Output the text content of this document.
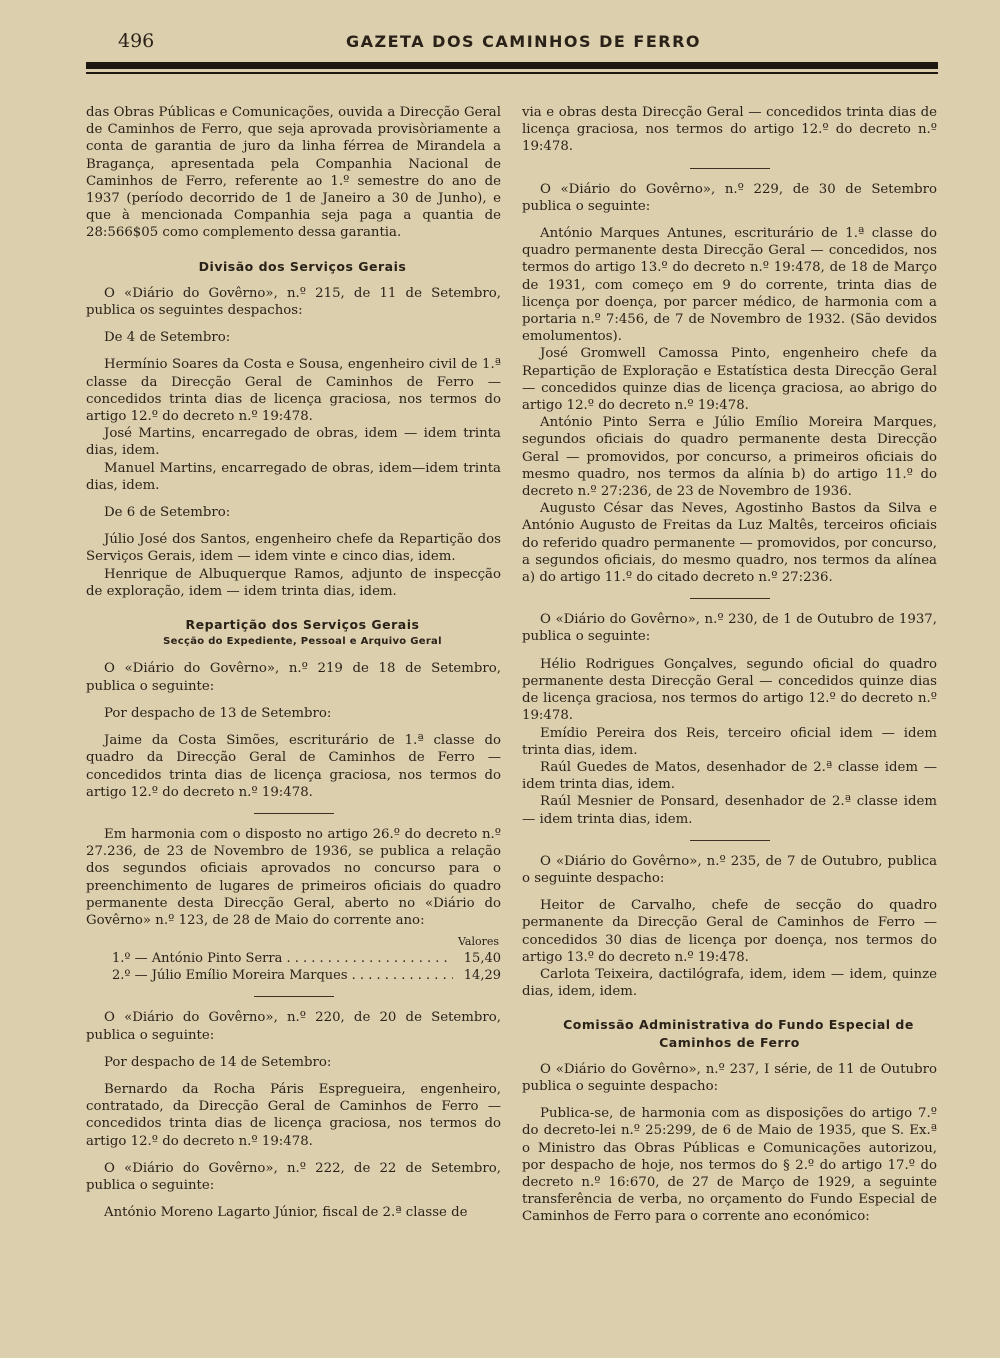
496	GAZETA DOS CAMINHOS DE FERRO

das Obras Públicas e Comunicações, ouvida a Direcção Geral de Caminhos de Ferro, que seja aprovada provisòriamente a conta de garantia de juro da linha férrea de Mirandela a Bragança, apresentada pela Companhia Nacional de Caminhos de Ferro, referente ao 1.º semestre do ano de 1937 (período decorrido de 1 de Janeiro a 30 de Junho), e que à mencionada Companhia seja paga a quantia de 28:566$05 como complemento dessa garantia.

Divisão dos Serviços Gerais

O «Diário do Govêrno», n.º 215, de 11 de Setembro, publica os seguintes despachos:

De 4 de Setembro:

Hermínio Soares da Costa e Sousa, engenheiro civil de 1.ª classe da Direcção Geral de Caminhos de Ferro — concedidos trinta dias de licença graciosa, nos termos do artigo 12.º do decreto n.º 19:478.

José Martins, encarregado de obras, idem — idem trinta dias, idem.

Manuel Martins, encarregado de obras, idem—idem trinta dias, idem.

De 6 de Setembro:

Júlio José dos Santos, engenheiro chefe da Repartição dos Serviços Gerais, idem — idem vinte e cinco dias, idem.

Henrique de Albuquerque Ramos, adjunto de inspecção de exploração, idem — idem trinta dias, idem.

Repartição dos Serviços Gerais

Secção do Expediente, Pessoal e Arquivo Geral

O «Diário do Govêrno», n.º 219 de 18 de Setembro, publica o seguinte:

Por despacho de 13 de Setembro:

Jaime da Costa Simões, escriturário de 1.ª classe do quadro da Direcção Geral de Caminhos de Ferro — concedidos trinta dias de licença graciosa, nos termos do artigo 12.º do decreto n.º 19:478.

Em harmonia com o disposto no artigo 26.º do decreto n.º 27.236, de 23 de Novembro de 1936, se publica a relação dos segundos oficiais aprovados no concurso para o preenchimento de lugares de primeiros oficiais do quadro permanente desta Direcção Geral, aberto no «Diário do Govêrno» n.º 123, de 28 de Maio do corrente ano:

Valores
1.º — António Pinto Serra . . .	15,40
2.º — Júlio Emílio Moreira Marques . . .	14,29

O «Diário do Govêrno», n.º 220, de 20 de Setembro, publica o seguinte:

Por despacho de 14 de Setembro:

Bernardo da Rocha Páris Espregueira, engenheiro, contratado, da Direcção Geral de Caminhos de Ferro — concedidos trinta dias de licença graciosa, nos termos do artigo 12.º do decreto n.º 19:478.

O «Diário do Govêrno», n.º 222, de 22 de Setembro, publica o seguinte:

António Moreno Lagarto Júnior, fiscal de 2.ª classe de

via e obras desta Direcção Geral — concedidos trinta dias de licença graciosa, nos termos do artigo 12.º do decreto n.º 19:478.

O «Diário do Govêrno», n.º 229, de 30 de Setembro publica o seguinte:

António Marques Antunes, escriturário de 1.ª classe do quadro permanente desta Direcção Geral — concedidos, nos termos do artigo 13.º do decreto n.º 19:478, de 18 de Março de 1931, com começo em 9 do corrente, trinta dias de licença por doença, por parcer médico, de harmonia com a portaria n.º 7:456, de 7 de Novembro de 1932. (São devidos emolumentos).

José Gromwell Camossa Pinto, engenheiro chefe da Repartição de Exploração e Estatística desta Direcção Geral — concedidos quinze dias de licença graciosa, ao abrigo do artigo 12.º do decreto n.º 19:478.

António Pinto Serra e Júlio Emílio Moreira Marques, segundos oficiais do quadro permanente desta Direcção Geral — promovidos, por concurso, a primeiros oficiais do mesmo quadro, nos termos da alínia b) do artigo 11.º do decreto n.º 27:236, de 23 de Novembro de 1936.

Augusto César das Neves, Agostinho Bastos da Silva e António Augusto de Freitas da Luz Maltês, terceiros oficiais do referido quadro permanente — promovidos, por concurso, a segundos oficiais, do mesmo quadro, nos termos da alínea a) do artigo 11.º do citado decreto n.º 27:236.

O «Diário do Govêrno», n.º 230, de 1 de Outubro de 1937, publica o seguinte:

Hélio Rodrigues Gonçalves, segundo oficial do quadro permanente desta Direcção Geral — concedidos quinze dias de licença graciosa, nos termos do artigo 12.º do decreto n.º 19:478.

Emídio Pereira dos Reis, terceiro oficial idem — idem trinta dias, idem.

Raúl Guedes de Matos, desenhador de 2.ª classe idem — idem trinta dias, idem.

Raúl Mesnier de Ponsard, desenhador de 2.ª classe idem — idem trinta dias, idem.

O «Diário do Govêrno», n.º 235, de 7 de Outubro, publica o seguinte despacho:

Heitor de Carvalho, chefe de secção do quadro permanente da Direcção Geral de Caminhos de Ferro — concedidos 30 dias de licença por doença, nos termos do artigo 13.º do decreto n.º 19:478.

Carlota Teixeira, dactilógrafa, idem, idem — idem, quinze dias, idem, idem.

Comissão Administrativa do Fundo Especial de Caminhos de Ferro

O «Diário do Govêrno», n.º 237, I série, de 11 de Outubro publica o seguinte despacho:

Publica-se, de harmonia com as disposições do artigo 7.º do decreto-lei n.º 25:299, de 6 de Maio de 1935, que S. Ex.ª o Ministro das Obras Públicas e Comunicações autorizou, por despacho de hoje, nos termos do § 2.º do artigo 17.º do decreto n.º 16:670, de 27 de Março de 1929, a seguinte transferência de verba, no orçamento do Fundo Especial de Caminhos de Ferro para o corrente ano económico:
